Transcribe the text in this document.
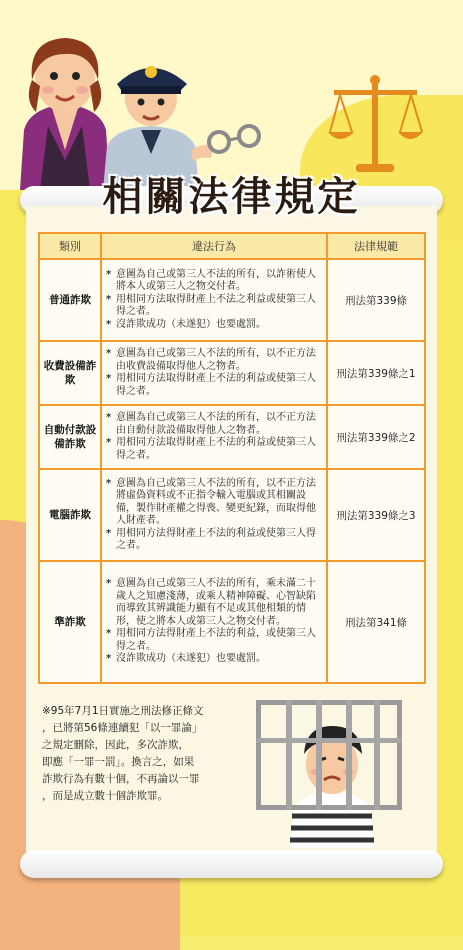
相關法律規定
類別	違法行為	法律規範
普通詐欺	* 意圖為自己或第三人不法的所有，以詐術使人將本人或第三人之物交付者。
* 用相同方法取得財產上不法之利益或使第三人得之者。
* 沒詐欺成功（未遂犯）也要處罰。	刑法第339條
收費設備詐欺	* 意圖為自己或第三人不法的所有，以不正方法由收費設備取得他人之物者。
* 用相同方法取得財產上不法的利益或使第三人得之者。	刑法第339條之1
自動付款設備詐欺	* 意圖為自己或第三人不法的所有，以不正方法由自動付款設備取得他人之物者。
* 用相同方法取得財產上不法的利益或使第三人得之者。	刑法第339條之2
電腦詐欺	* 意圖為自己或第三人不法的所有，以不正方法將虛偽資料或不正指令輸入電腦或其相關設備，製作財產權之得喪、變更紀錄，而取得他人財產者。
* 用相同方法得財產上不法的利益或使第三人得之者。	刑法第339條之3
準詐欺	* 意圖為自己或第三人不法的所有，乘未滿二十歲人之知慮淺薄，或乘人精神障礙、心智缺陷而導致其辨識能力顯有不足或其他相類的情形，使之將本人或第三人之物交付者。
* 用相同方法得財產上不法的利益，或使第三人得之者。
* 沒詐欺成功（未遂犯）也要處罰。	刑法第341條
※95年7月1日實施之刑法修正條文
，已將第56條連續犯「以一罪論」
之規定刪除，因此，多次詐欺，
即應「一罪一罰」。換言之，如果
詐欺行為有數十個，不再論以一罪
，而是成立數十個詐欺罪。
